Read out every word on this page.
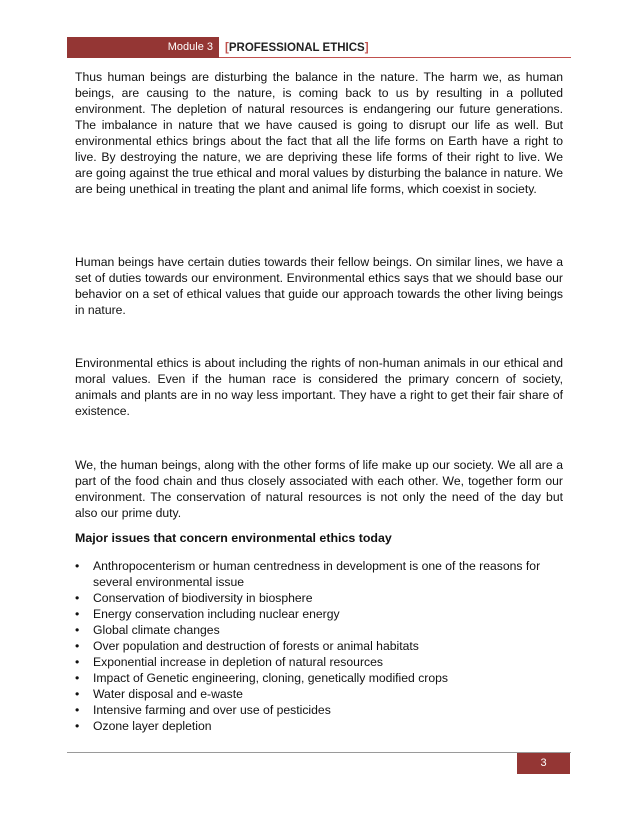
Module 3	[PROFESSIONAL ETHICS]

Thus human beings are disturbing the balance in the nature. The harm we, as human beings, are causing to the nature, is coming back to us by resulting in a polluted environment. The depletion of natural resources is endangering our future generations. The imbalance in nature that we have caused is going to disrupt our life as well. But environmental ethics brings about the fact that all the life forms on Earth have a right to live. By destroying the nature, we are depriving these life forms of their right to live. We are going against the true ethical and moral values by disturbing the balance in nature. We are being unethical in treating the plant and animal life forms, which coexist in society.

Human beings have certain duties towards their fellow beings. On similar lines, we have a set of duties towards our environment. Environmental ethics says that we should base our behavior on a set of ethical values that guide our approach towards the other living beings in nature.

Environmental ethics is about including the rights of non-human animals in our ethical and moral values. Even if the human race is considered the primary concern of society, animals and plants are in no way less important. They have a right to get their fair share of existence.

We, the human beings, along with the other forms of life make up our society. We all are a part of the food chain and thus closely associated with each other. We, together form our environment. The conservation of natural resources is not only the need of the day but also our prime duty.

Major issues that concern environmental ethics today
• Anthropocenterism or human centredness in development is one of the reasons for several environmental issue
• Conservation of biodiversity in biosphere
• Energy conservation including nuclear energy
• Global climate changes
• Over population and destruction of forests or animal habitats
• Exponential increase in depletion of natural resources
• Impact of Genetic engineering, cloning, genetically modified crops
• Water disposal and e-waste
• Intensive farming and over use of pesticides
• Ozone layer depletion
3
